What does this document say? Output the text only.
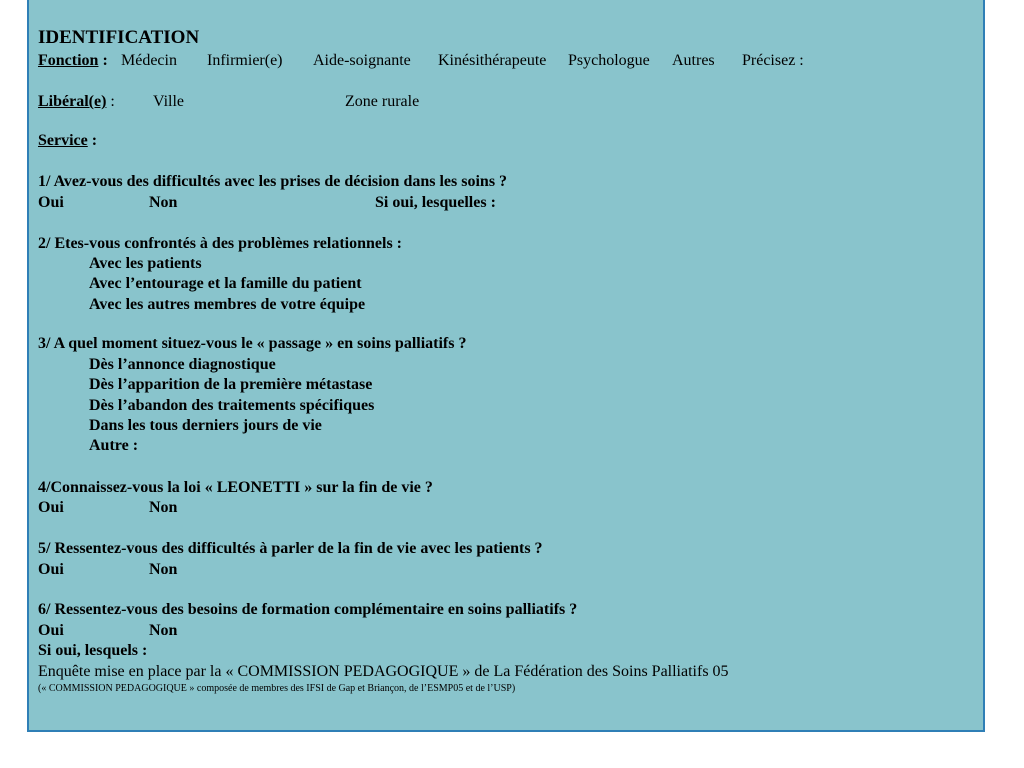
IDENTIFICATION
Fonction : Médecin Infirmier(e) Aide-soignante Kinésithérapeute Psychologue Autres Précisez :
Libéral(e) : Ville	Zone rurale
Service :
1/ Avez-vous des difficultés avec les prises de décision dans les soins ?
Oui	Non	Si oui, lesquelles :
2/ Etes-vous confrontés à des problèmes relationnels :
Avec les patients
Avec l’entourage et la famille du patient
Avec les autres membres de votre équipe
3/ A quel moment situez-vous le « passage » en soins palliatifs ?
Dès l’annonce diagnostique
Dès l’apparition de la première métastase
Dès l’abandon des traitements spécifiques
Dans les tous derniers jours de vie
Autre :
4/Connaissez-vous la loi « LEONETTI » sur la fin de vie ?
Oui	Non
5/ Ressentez-vous des difficultés à parler de la fin de vie avec les patients ?
Oui	Non
6/ Ressentez-vous des besoins de formation complémentaire en soins palliatifs ?
Oui	Non
Si oui, lesquels :
Enquête mise en place par la « COMMISSION PEDAGOGIQUE » de La Fédération des Soins Palliatifs 05
(« COMMISSION PEDAGOGIQUE » composée de membres des IFSI de Gap et Briançon, de l’ESMP05 et de l’USP)
